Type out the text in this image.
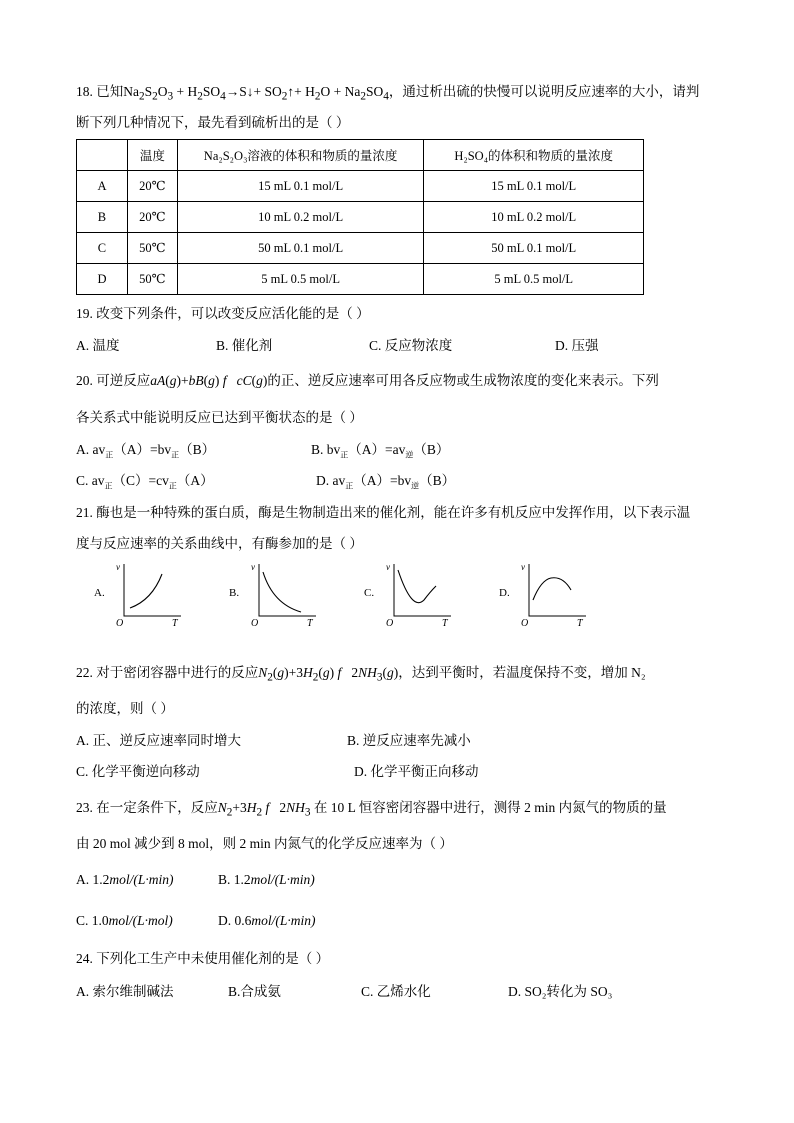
18. 已知$Na_2S_2O_3$ + $H_2SO_4\to S↓+$ $SO_2↑+ H_2O + Na_2SO_4$，通过析出硫的快慢可以说明反应速率的大小，请判
断下列几种情况下，最先看到硫析出的是（ ）
	温度	Na₂S₂O₃溶液的体积和物质的量浓度	H₂SO₄的体积和物质的量浓度
A	20℃	15 mL 0.1 mol/L	15 mL 0.1 mol/L
B	20℃	10 mL 0.2 mol/L	10 mL 0.2 mol/L
C	50℃	50 mL 0.1 mol/L	50 mL 0.1 mol/L
D	50℃	5 mL 0.5 mol/L	5 mL 0.5 mol/L
19. 改变下列条件，可以改变反应活化能的是（ ）
A. 温度	B. 催化剂	C. 反应物浓度	D. 压强
20. 可逆反应aA(g)+bB(g) f cC(g)的正、逆反应速率可用各反应物或生成物浓度的变化来表示。下列
各关系式中能说明反应已达到平衡状态的是（ ）
A. $av_正(A)=bv_正(B)$	B. $bv_正(A)=av_逆(B)$
C. $av_正(C)=cv_正(A)$	D. $av_正(A)=bv_逆(B)$
21. 酶也是一种特殊的蛋白质，酶是生物制造出来的催化剂，能在许多有机反应中发挥作用，以下表示温
度与反应速率的关系曲线中，有酶参加的是（ ）
A.
v
O	T
B.
v
O	T
C.
v
O	T
D.
v
O	T
22. 对于密闭容器中进行的反应$N_2(g)+3H_2(g)$ f   $2NH_3(g)$，达到平衡时，若温度保持不变，增加 N₂
的浓度，则（ ）
A. 正、逆反应速率同时增大	B. 逆反应速率先减小
C. 化学平衡逆向移动	D. 化学平衡正向移动
23. 在一定条件下，反应$N_2+3H_2$ f   $2NH_3$ 在 10 L 恒容密闭容器中进行，测得 2 min 内氮气的物质的量
由 20 mol 减少到 8 mol，则 2 min 内氮气的化学反应速率为（ ）
A. 1.2mol/(L·min)	B. 1.2mol/(L·min)
C. 1.0mol/(L·mol)	D. 0.6mol/(L·min)
24. 下列化工生产中未使用催化剂的是（ ）
A. 索尔维制碱法	B.合成氨	C. 乙烯水化	D. SO₂转化为 SO₃
